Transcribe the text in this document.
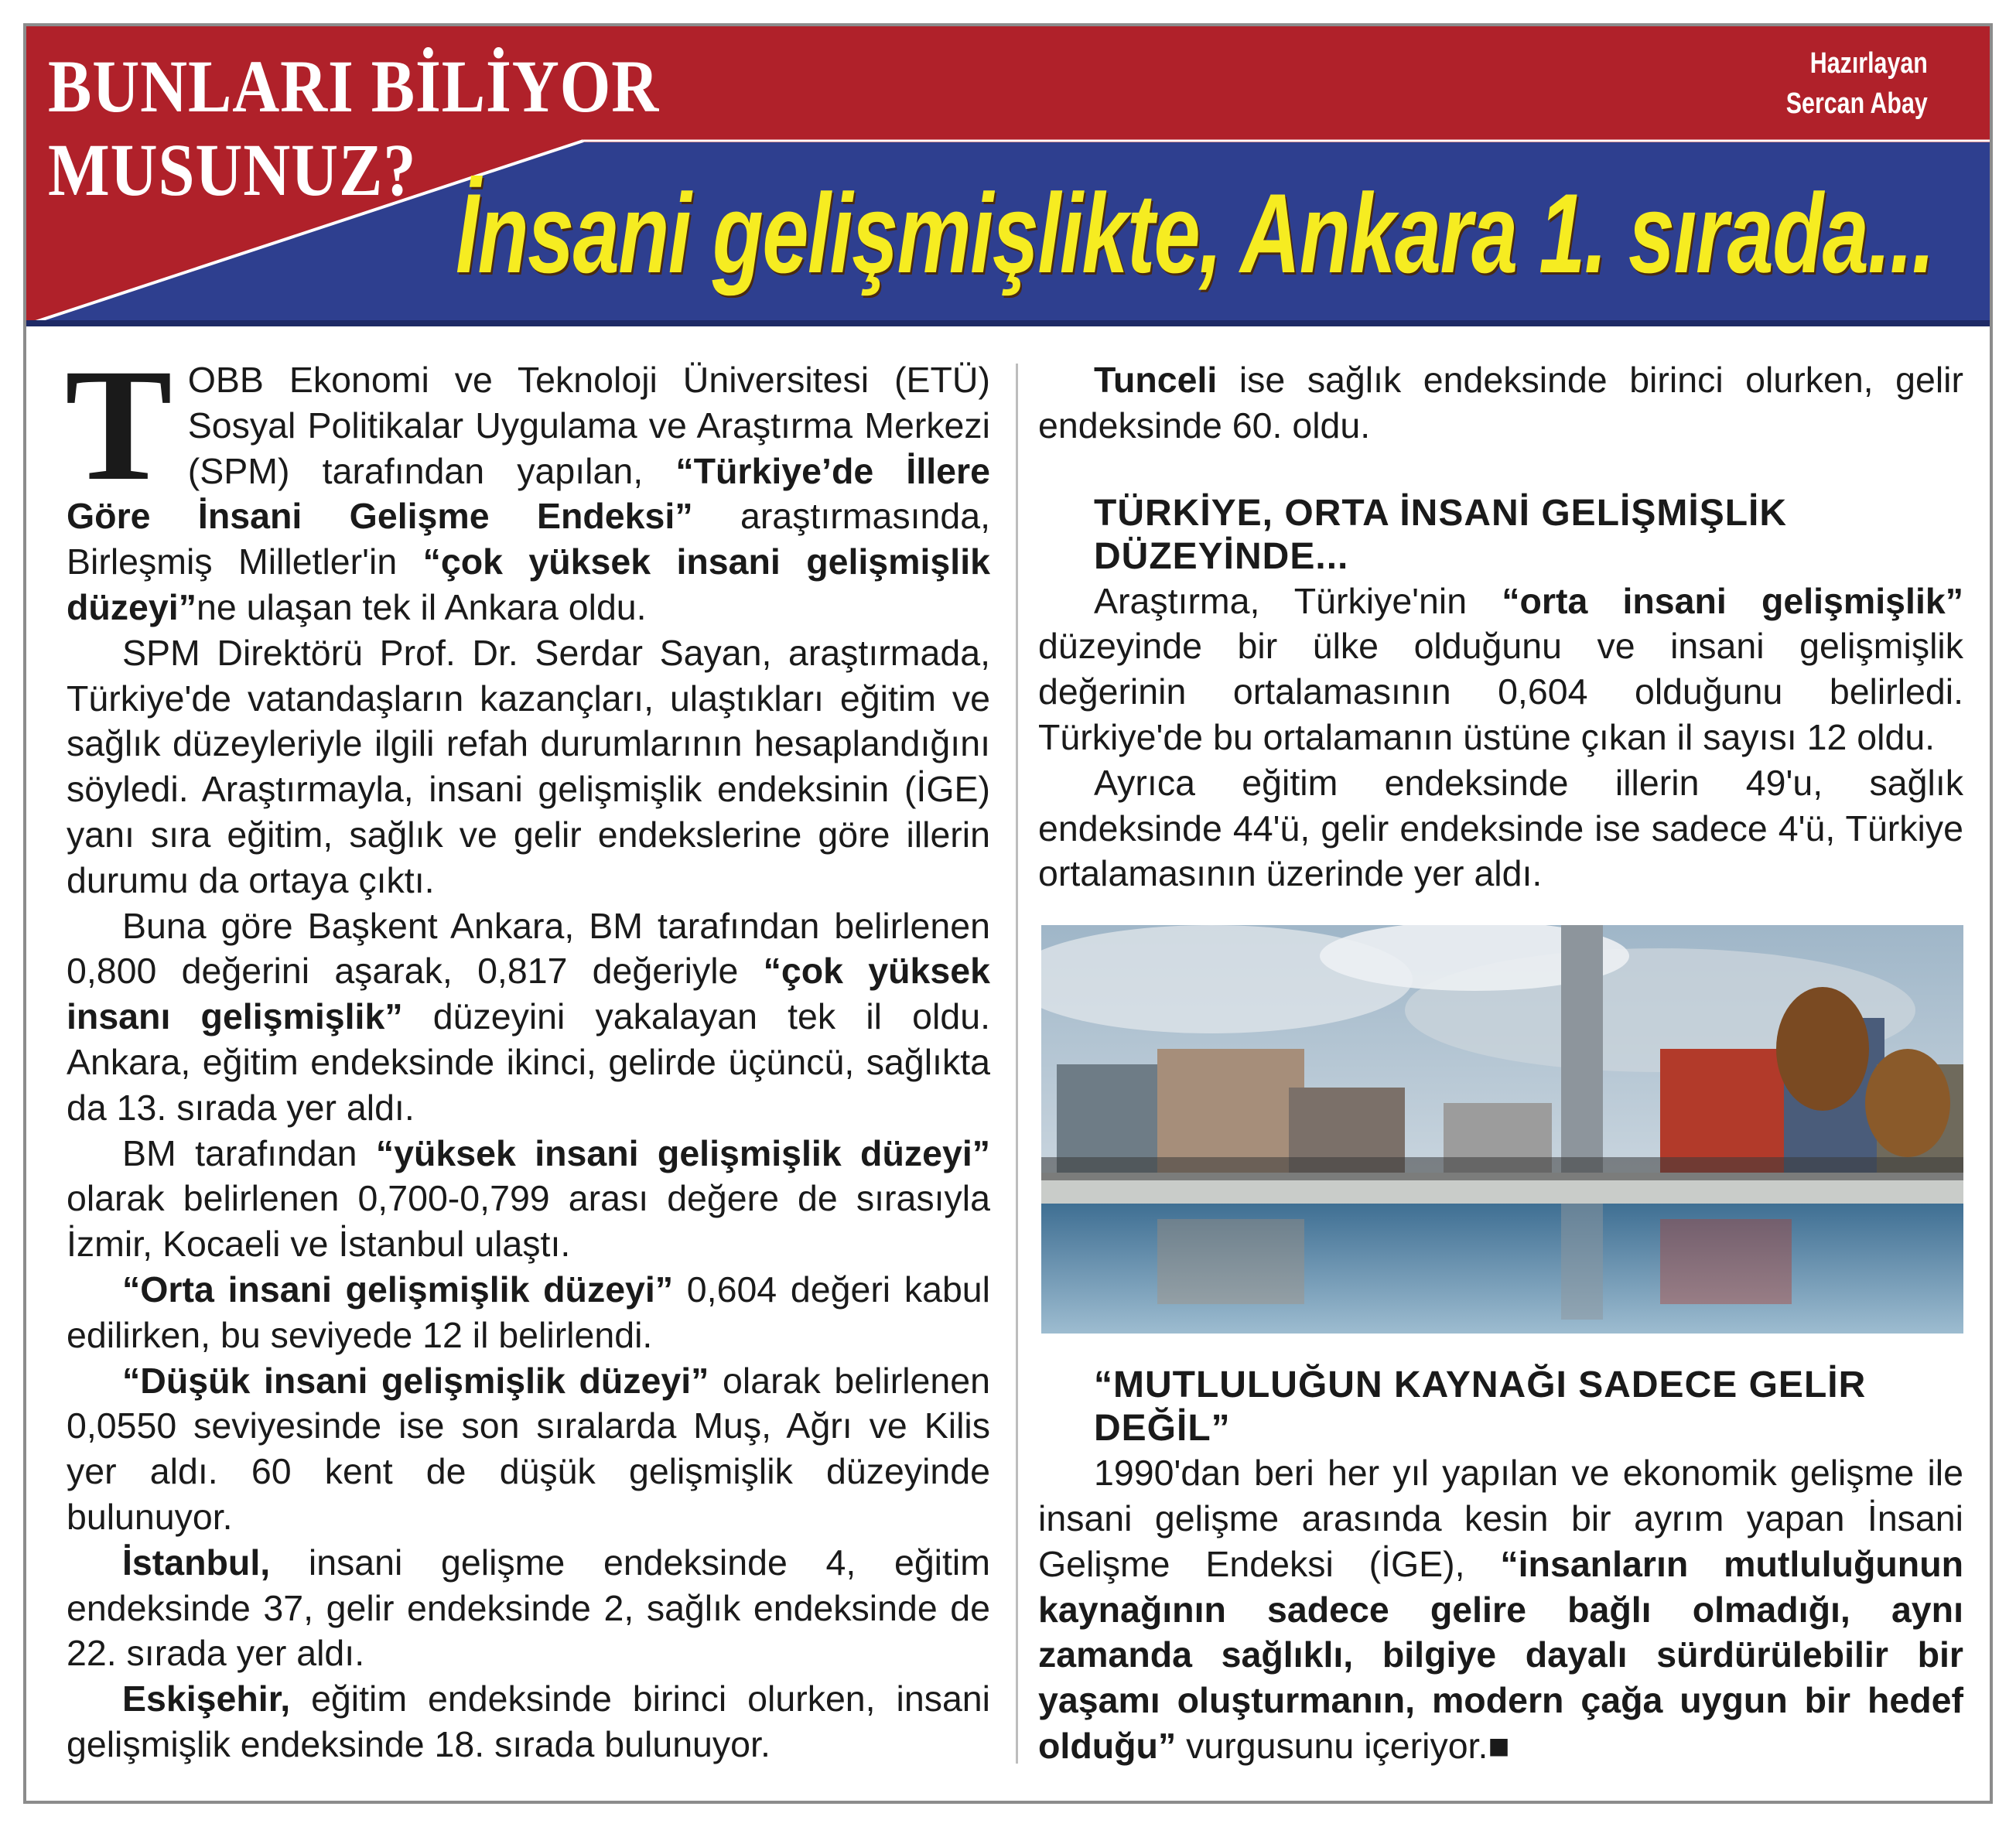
BUNLARI BİLİYOR
MUSUNUZ?
Hazırlayan
Sercan Abay
İnsani gelişmişlikte, Ankara 1. sırada...
T OBB Ekonomi ve Teknoloji Üniversitesi (ETÜ) Sosyal Politikalar Uygulama ve Araştırma Merkezi (SPM) tarafından yapılan, “Türkiye’de İllere Göre İnsani Gelişme Endeksi” araştırmasında, Birleşmiş Milletler'in “çok yüksek insani gelişmişlik düzeyi”ne ulaşan tek il Ankara oldu.

SPM Direktörü Prof. Dr. Serdar Sayan, araştırmada, Türkiye'de vatandaşların kazançları, ulaştıkları eğitim ve sağlık düzeyleriyle ilgili refah durumlarının hesaplandığını söyledi. Araştırmayla, insani gelişmişlik endeksinin (İGE) yanı sıra eğitim, sağlık ve gelir endekslerine göre illerin durumu da ortaya çıktı.

Buna göre Başkent Ankara, BM tarafından belirlenen 0,800 değerini aşarak, 0,817 değeriyle “çok yüksek insanı gelişmişlik” düzeyini yakalayan tek il oldu. Ankara, eğitim endeksinde ikinci, gelirde üçüncü, sağlıkta da 13. sırada yer aldı.

BM tarafından “yüksek insani gelişmişlik düzeyi” olarak belirlenen 0,700-0,799 arası değere de sırasıyla İzmir, Kocaeli ve İstanbul ulaştı.

“Orta insani gelişmişlik düzeyi” 0,604 değeri kabul edilirken, bu seviyede 12 il belirlendi.

“Düşük insani gelişmişlik düzeyi” olarak belirlenen 0,0550 seviyesinde ise son sıralarda Muş, Ağrı ve Kilis yer aldı. 60 kent de düşük gelişmişlik düzeyinde bulunuyor.

İstanbul, insani gelişme endeksinde 4, eğitim endeksinde 37, gelir endeksinde 2, sağlık endeksinde de 22. sırada yer aldı.

Eskişehir, eğitim endeksinde birinci olurken, insani gelişmişlik endeksinde 18. sırada bulunuyor.

Tunceli ise sağlık endeksinde birinci olurken, gelir endeksinde 60. oldu.

TÜRKİYE, ORTA İNSANİ GELİŞMİŞLİK DÜZEYİNDE...

Araştırma, Türkiye'nin “orta insani gelişmişlik” düzeyinde bir ülke olduğunu ve insani gelişmişlik değerinin ortalamasının 0,604 olduğunu belirledi. Türkiye'de bu ortalamanın üstüne çıkan il sayısı 12 oldu.

Ayrıca eğitim endeksinde illerin 49'u, sağlık endeksinde 44'ü, gelir endeksinde ise sadece 4'ü, Türkiye ortalamasının üzerinde yer aldı.

“MUTLULUĞUN KAYNAĞI SADECE GELİR DEĞİL”

1990'dan beri her yıl yapılan ve ekonomik gelişme ile insani gelişme arasında kesin bir ayrım yapan İnsani Gelişme Endeksi (İGE), “insanların mutluluğunun kaynağının sadece gelire bağlı olmadığı, aynı zamanda sağlıklı, bilgiye dayalı sürdürülebilir bir yaşamı oluşturmanın, modern çağa uygun bir hedef olduğu” vurgusunu içeriyor.■
